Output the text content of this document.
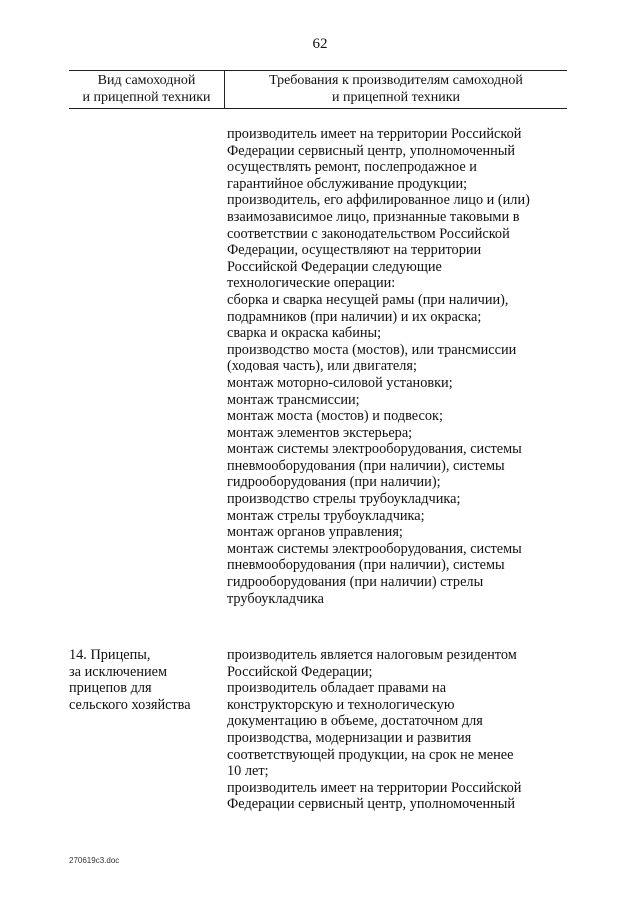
62
Вид самоходной
и прицепной техники
Требования к производителям самоходной
и прицепной техники
производитель имеет на территории Российской
Федерации сервисный центр, уполномоченный
осуществлять ремонт, послепродажное и
гарантийное обслуживание продукции;
производитель, его аффилированное лицо и (или)
взаимозависимое лицо, признанные таковыми в
соответствии с законодательством Российской
Федерации, осуществляют на территории
Российской Федерации следующие
технологические операции:
сборка и сварка несущей рамы (при наличии),
подрамников (при наличии) и их окраска;
сварка и окраска кабины;
производство моста (мостов), или трансмиссии
(ходовая часть), или двигателя;
монтаж моторно-силовой установки;
монтаж трансмиссии;
монтаж моста (мостов) и подвесок;
монтаж элементов экстерьера;
монтаж системы электрооборудования, системы
пневмооборудования (при наличии), системы
гидрооборудования (при наличии);
производство стрелы трубоукладчика;
монтаж стрелы трубоукладчика;
монтаж органов управления;
монтаж системы электрооборудования, системы
пневмооборудования (при наличии), системы
гидрооборудования (при наличии) стрелы
трубоукладчика
14. Прицепы,
за исключением
прицепов для
сельского хозяйства
производитель является налоговым резидентом
Российской Федерации;
производитель обладает правами на
конструкторскую и технологическую
документацию в объеме, достаточном для
производства, модернизации и развития
соответствующей продукции, на срок не менее
10 лет;
производитель имеет на территории Российской
Федерации сервисный центр, уполномоченный
270619c3.doc
